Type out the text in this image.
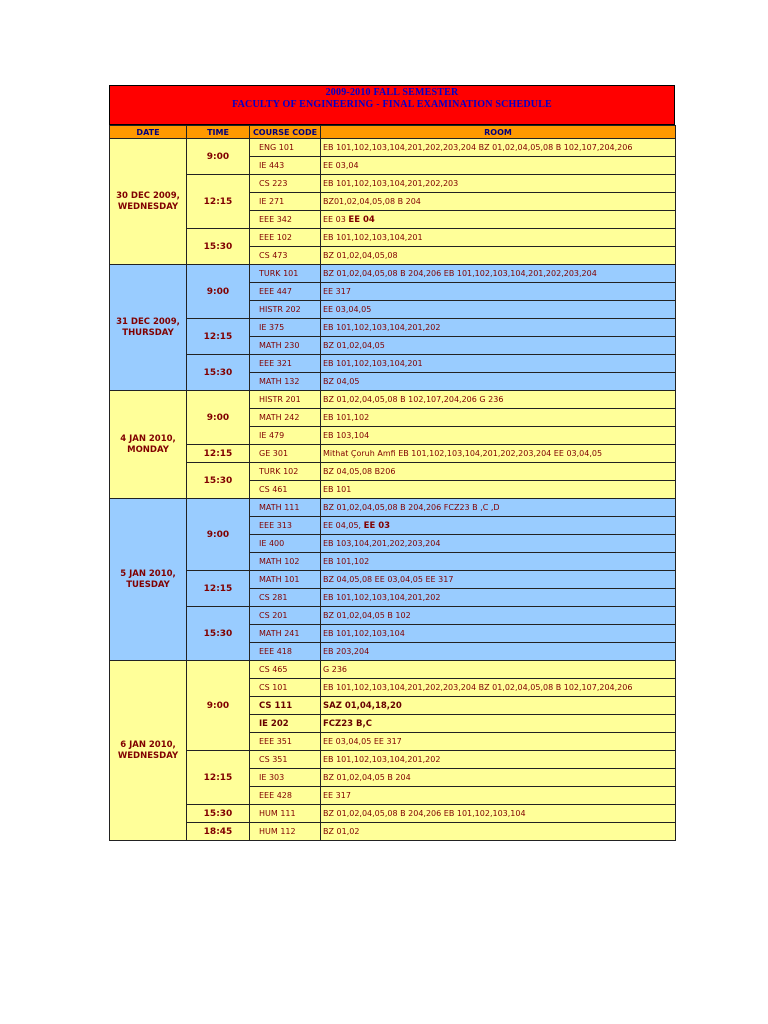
2009-2010 FALL SEMESTER
FACULTY OF ENGINEERING - FINAL EXAMINATION SCHEDULE
DATE	TIME	COURSE CODE	ROOM

30 DEC 2009,
WEDNESDAY	9:00	ENG 101	EB 101,102,103,104,201,202,203,204 BZ 01,02,04,05,08 B 102,107,204,206
		IE 443	EE 03,04
	12:15	CS 223	EB 101,102,103,104,201,202,203
		IE 271	BZ01,02,04,05,08 B 204
		EEE 342	EE 03 EE 04
	15:30	EEE 102	EB 101,102,103,104,201
		CS 473	BZ 01,02,04,05,08

31 DEC 2009,
THURSDAY	9:00	TURK 101	BZ 01,02,04,05,08 B 204,206 EB 101,102,103,104,201,202,203,204
		EEE 447	EE 317
		HISTR 202	EE 03,04,05
	12:15	IE 375	EB 101,102,103,104,201,202
		MATH 230	BZ 01,02,04,05
	15:30	EEE 321	EB 101,102,103,104,201
		MATH 132	BZ 04,05

4 JAN 2010,
MONDAY	9:00	HISTR 201	BZ 01,02,04,05,08 B 102,107,204,206 G 236
		MATH 242	EB 101,102
		IE 479	EB 103,104
	12:15	GE 301	Mithat Çoruh Amfi EB 101,102,103,104,201,202,203,204 EE 03,04,05
	15:30	TURK 102	BZ 04,05,08 B206
		CS 461	EB 101

5 JAN 2010,
TUESDAY	9:00	MATH 111	BZ 01,02,04,05,08 B 204,206 FCZ23 B ,C ,D
		EEE 313	EE 04,05, EE 03
		IE 400	EB 103,104,201,202,203,204
		MATH 102	EB 101,102
	12:15	MATH 101	BZ 04,05,08 EE 03,04,05 EE 317
		CS 281	EB 101,102,103,104,201,202
	15:30	CS 201	BZ 01,02,04,05 B 102
		MATH 241	EB 101,102,103,104
		EEE 418	EB 203,204

6 JAN 2010,
WEDNESDAY	9:00	CS 465	G 236
		CS 101	EB 101,102,103,104,201,202,203,204 BZ 01,02,04,05,08 B 102,107,204,206
		CS 111	SAZ 01,04,18,20
		IE 202	FCZ23 B,C
		EEE 351	EE 03,04,05 EE 317
	12:15	CS 351	EB 101,102,103,104,201,202
		IE 303	BZ 01,02,04,05 B 204
		EEE 428	EE 317
	15:30	HUM 111	BZ 01,02,04,05,08 B 204,206 EB 101,102,103,104
	18:45	HUM 112	BZ 01,02
